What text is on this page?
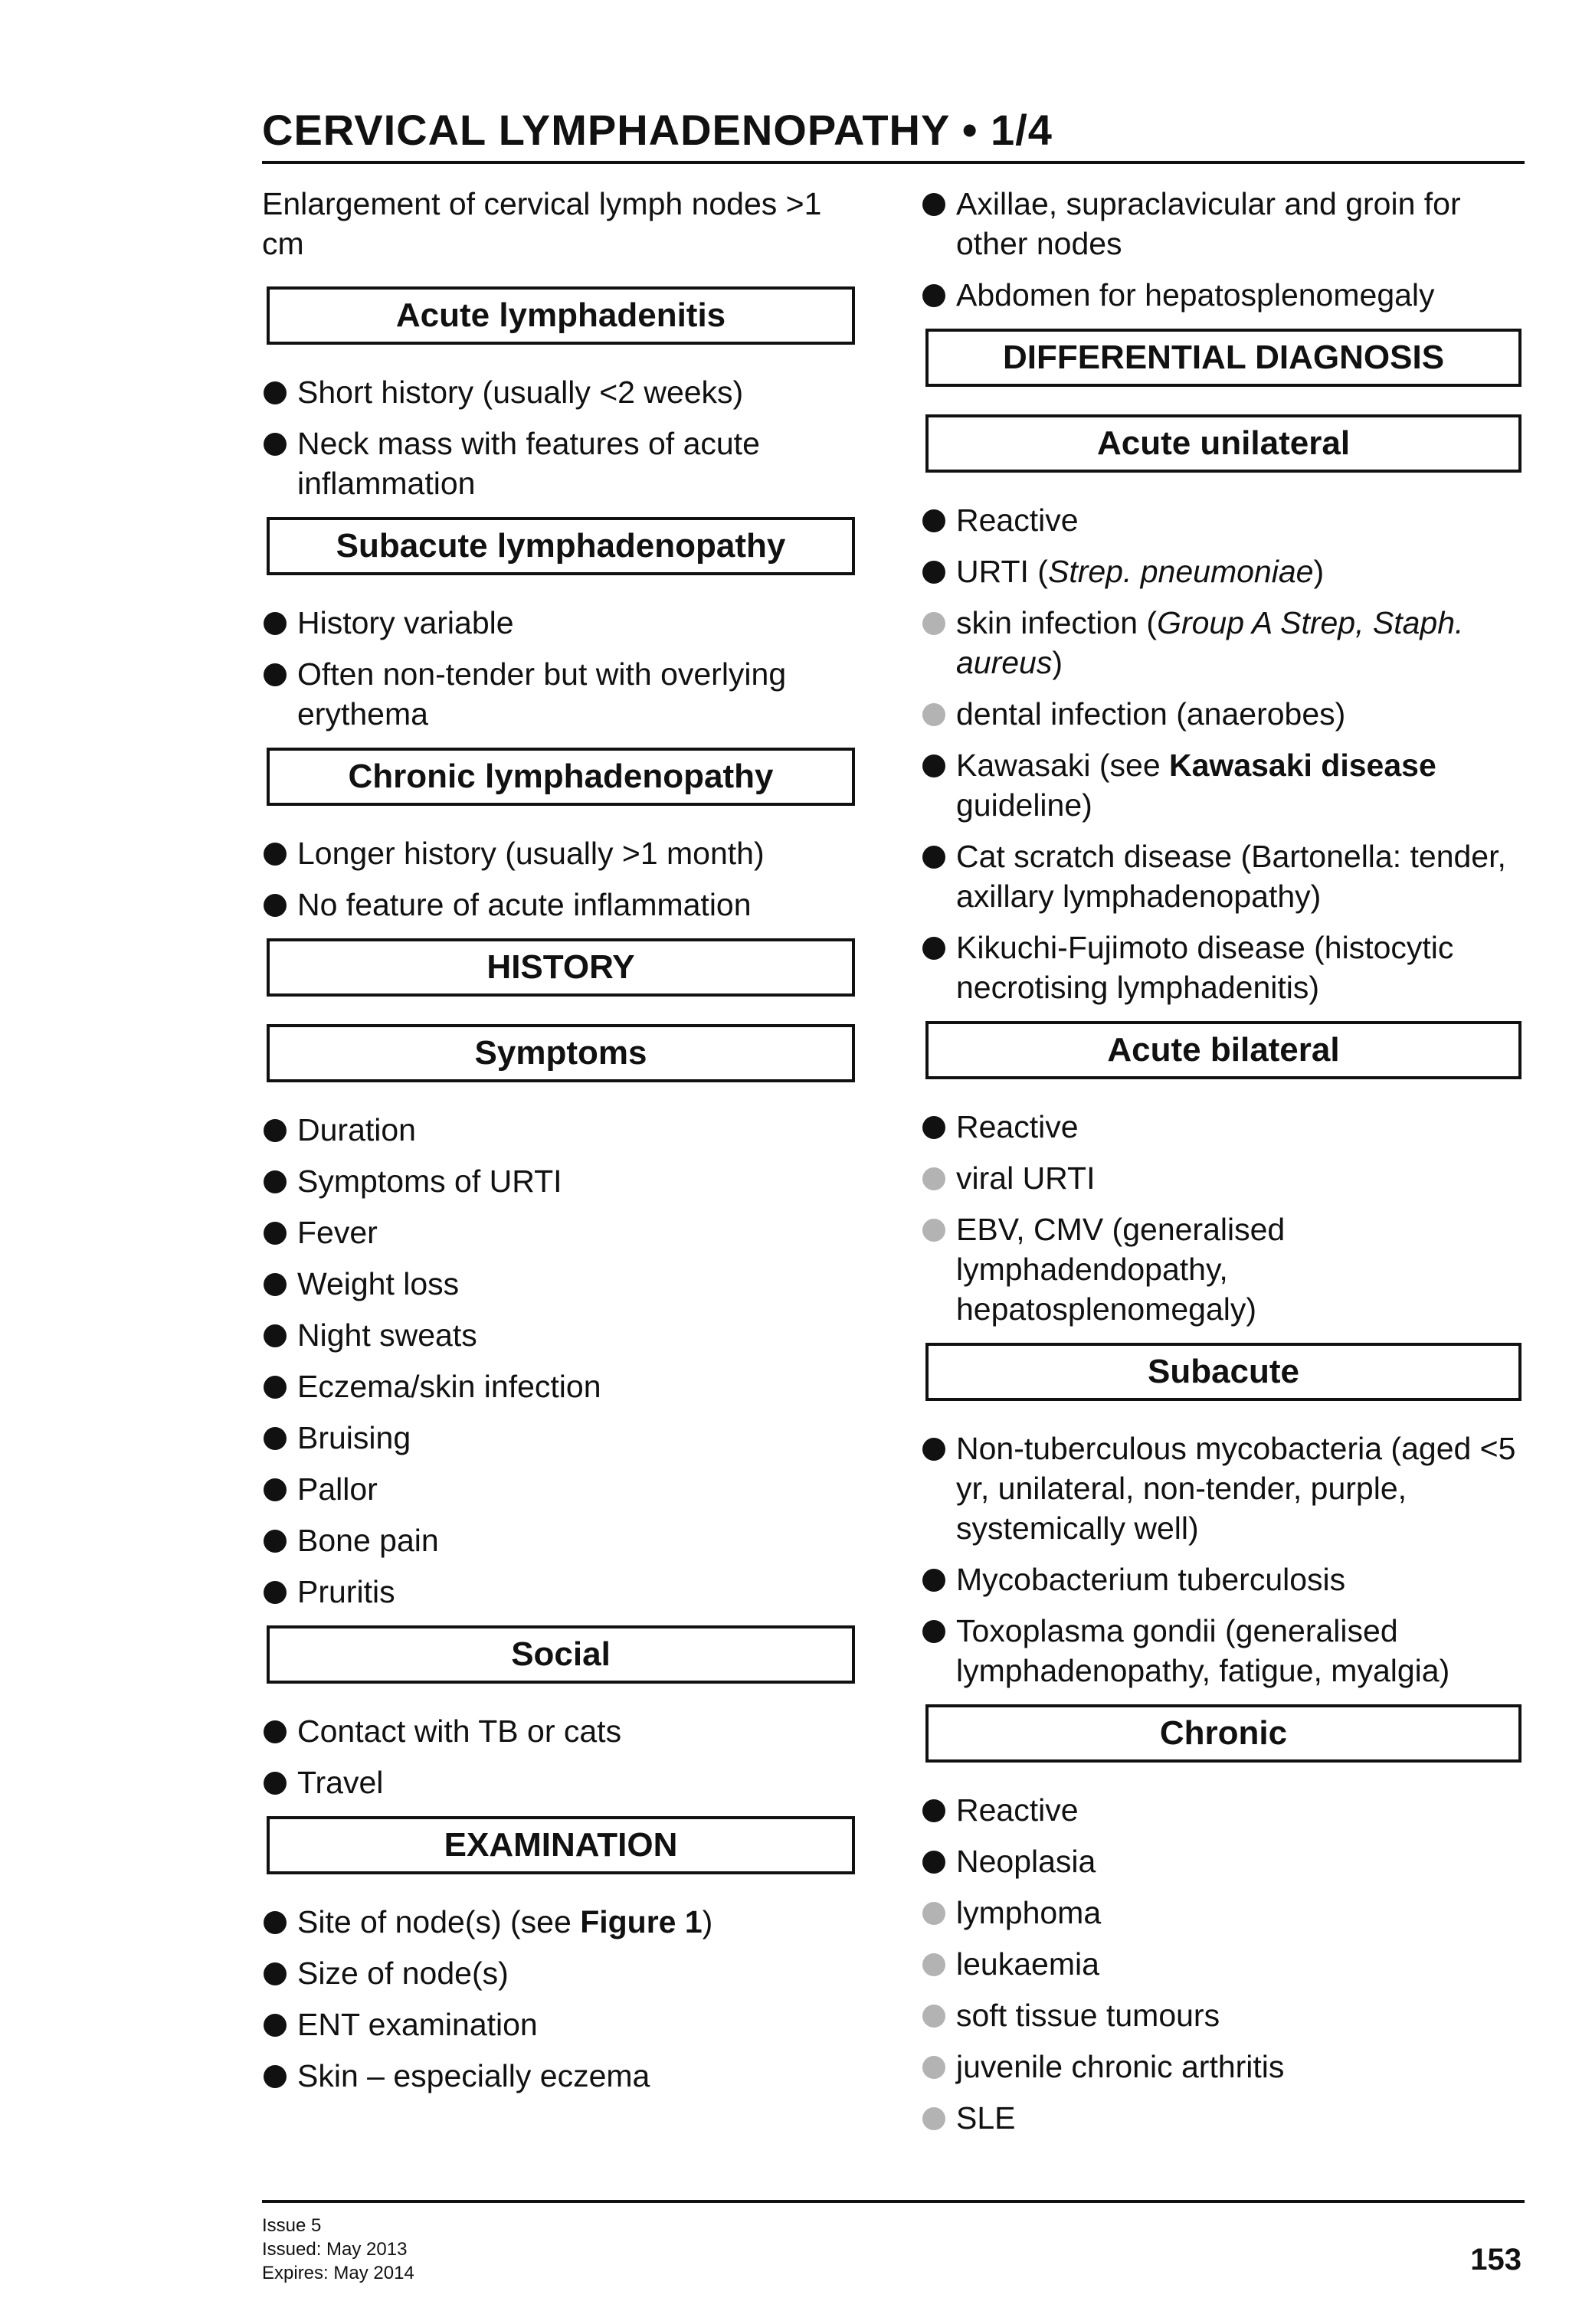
CERVICAL LYMPHADENOPATHY • 1/4

Enlargement of cervical lymph nodes >1 cm

Acute lymphadenitis
Short history (usually <2 weeks)
Neck mass with features of acute inflammation
Subacute lymphadenopathy
History variable
Often non-tender but with overlying erythema
Chronic lymphadenopathy
Longer history (usually >1 month)
No feature of acute inflammation
HISTORY
Symptoms
Duration
Symptoms of URTI
Fever
Weight loss
Night sweats
Eczema/skin infection
Bruising
Pallor
Bone pain
Pruritis
Social
Contact with TB or cats
Travel
EXAMINATION
Site of node(s) (see Figure 1)
Size of node(s)
ENT examination
Skin – especially eczema
Axillae, supraclavicular and groin for other nodes
Abdomen for hepatosplenomegaly
DIFFERENTIAL DIAGNOSIS
Acute unilateral
Reactive
URTI (Strep. pneumoniae)
skin infection (Group A Strep, Staph. aureus)
dental infection (anaerobes)
Kawasaki (see Kawasaki disease guideline)
Cat scratch disease (Bartonella: tender, axillary lymphadenopathy)
Kikuchi-Fujimoto disease (histocytic necrotising lymphadenitis)
Acute bilateral
Reactive
viral URTI
EBV, CMV (generalised lymphadendopathy, hepatosplenomegaly)
Subacute
Non-tuberculous mycobacteria (aged <5 yr, unilateral, non-tender, purple, systemically well)
Mycobacterium tuberculosis
Toxoplasma gondii (generalised lymphadenopathy, fatigue, myalgia)
Chronic
Reactive
Neoplasia
lymphoma
leukaemia
soft tissue tumours
juvenile chronic arthritis
SLE
Issue 5
Issued: May 2013
Expires: May 2014	153
